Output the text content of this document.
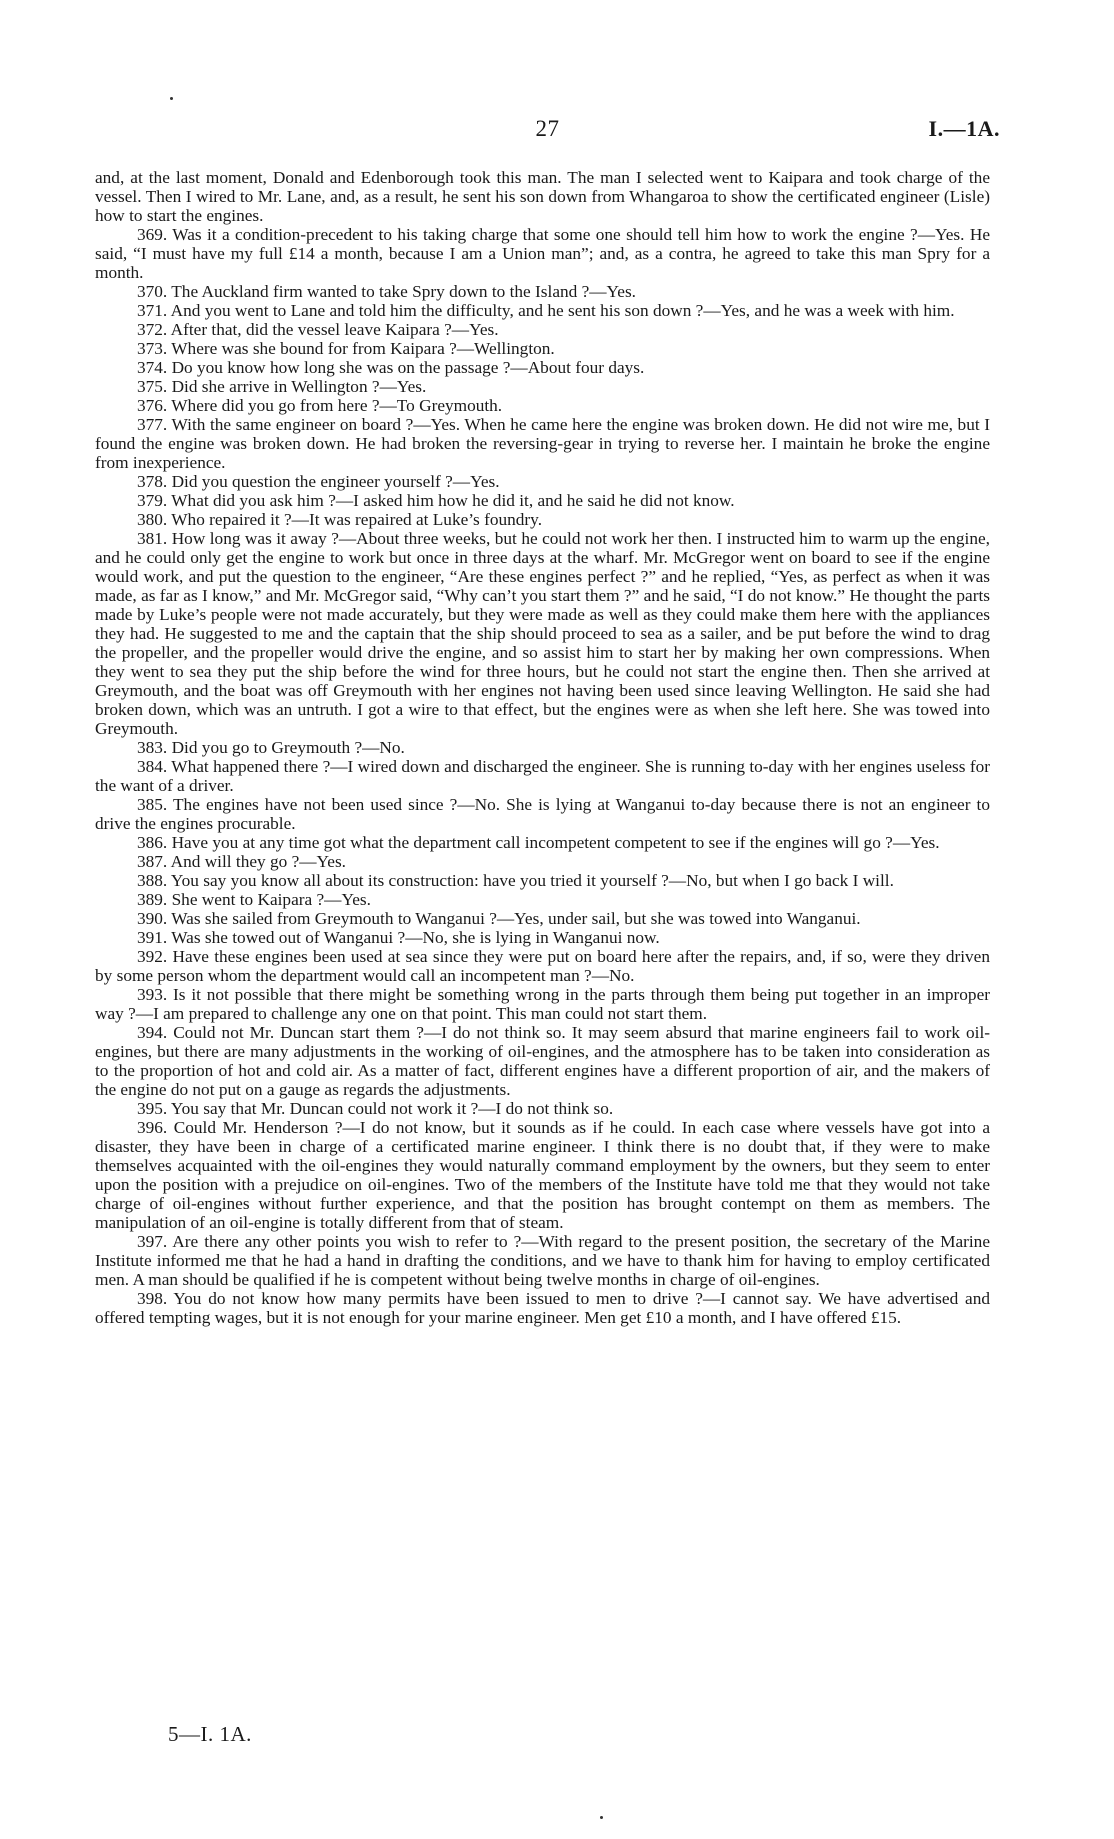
27	I.—1A.

and, at the last moment, Donald and Edenborough took this man. The man I selected went to Kaipara and took charge of the vessel. Then I wired to Mr. Lane, and, as a result, he sent his son down from Whangaroa to show the certificated engineer (Lisle) how to start the engines.

369. Was it a condition-precedent to his taking charge that some one should tell him how to work the engine ?—Yes. He said, “I must have my full £14 a month, because I am a Union man”; and, as a contra, he agreed to take this man Spry for a month.

370. The Auckland firm wanted to take Spry down to the Island ?—Yes.

371. And you went to Lane and told him the difficulty, and he sent his son down ?—Yes, and he was a week with him.

372. After that, did the vessel leave Kaipara ?—Yes.

373. Where was she bound for from Kaipara ?—Wellington.

374. Do you know how long she was on the passage ?—About four days.

375. Did she arrive in Wellington ?—Yes.

376. Where did you go from here ?—To Greymouth.

377. With the same engineer on board ?—Yes. When he came here the engine was broken down. He did not wire me, but I found the engine was broken down. He had broken the reversing-gear in trying to reverse her. I maintain he broke the engine from inexperience.

378. Did you question the engineer yourself ?—Yes.

379. What did you ask him ?—I asked him how he did it, and he said he did not know.

380. Who repaired it ?—It was repaired at Luke’s foundry.

381. How long was it away ?—About three weeks, but he could not work her then. I instructed him to warm up the engine, and he could only get the engine to work but once in three days at the wharf. Mr. McGregor went on board to see if the engine would work, and put the question to the engineer, “Are these engines perfect ?” and he replied, “Yes, as perfect as when it was made, as far as I know,” and Mr. McGregor said, “Why can’t you start them ?” and he said, “I do not know.” He thought the parts made by Luke’s people were not made accurately, but they were made as well as they could make them here with the appliances they had. He suggested to me and the captain that the ship should proceed to sea as a sailer, and be put before the wind to drag the propeller, and the propeller would drive the engine, and so assist him to start her by making her own compressions. When they went to sea they put the ship before the wind for three hours, but he could not start the engine then. Then she arrived at Greymouth, and the boat was off Greymouth with her engines not having been used since leaving Wellington. He said she had broken down, which was an untruth. I got a wire to that effect, but the engines were as when she left here. She was towed into Greymouth.

383. Did you go to Greymouth ?—No.

384. What happened there ?—I wired down and discharged the engineer. She is running to-day with her engines useless for the want of a driver.

385. The engines have not been used since ?—No. She is lying at Wanganui to-day because there is not an engineer to drive the engines procurable.

386. Have you at any time got what the department call incompetent competent to see if the engines will go ?—Yes.

387. And will they go ?—Yes.

388. You say you know all about its construction: have you tried it yourself ?—No, but when I go back I will.

389. She went to Kaipara ?—Yes.

390. Was she sailed from Greymouth to Wanganui ?—Yes, under sail, but she was towed into Wanganui.

391. Was she towed out of Wanganui ?—No, she is lying in Wanganui now.

392. Have these engines been used at sea since they were put on board here after the repairs, and, if so, were they driven by some person whom the department would call an incompetent man ?—No.

393. Is it not possible that there might be something wrong in the parts through them being put together in an improper way ?—I am prepared to challenge any one on that point. This man could not start them.

394. Could not Mr. Duncan start them ?—I do not think so. It may seem absurd that marine engineers fail to work oil-engines, but there are many adjustments in the working of oil-engines, and the atmosphere has to be taken into consideration as to the proportion of hot and cold air. As a matter of fact, different engines have a different proportion of air, and the makers of the engine do not put on a gauge as regards the adjustments.

395. You say that Mr. Duncan could not work it ?—I do not think so.

396. Could Mr. Henderson ?—I do not know, but it sounds as if he could. In each case where vessels have got into a disaster, they have been in charge of a certificated marine engineer. I think there is no doubt that, if they were to make themselves acquainted with the oil-engines they would naturally command employment by the owners, but they seem to enter upon the position with a prejudice on oil-engines. Two of the members of the Institute have told me that they would not take charge of oil-engines without further experience, and that the position has brought contempt on them as members. The manipulation of an oil-engine is totally different from that of steam.

397. Are there any other points you wish to refer to ?—With regard to the present position, the secretary of the Marine Institute informed me that he had a hand in drafting the conditions, and we have to thank him for having to employ certificated men. A man should be qualified if he is competent without being twelve months in charge of oil-engines.

398. You do not know how many permits have been issued to men to drive ?—I cannot say. We have advertised and offered tempting wages, but it is not enough for your marine engineer. Men get £10 a month, and I have offered £15.

5—I. 1A.
